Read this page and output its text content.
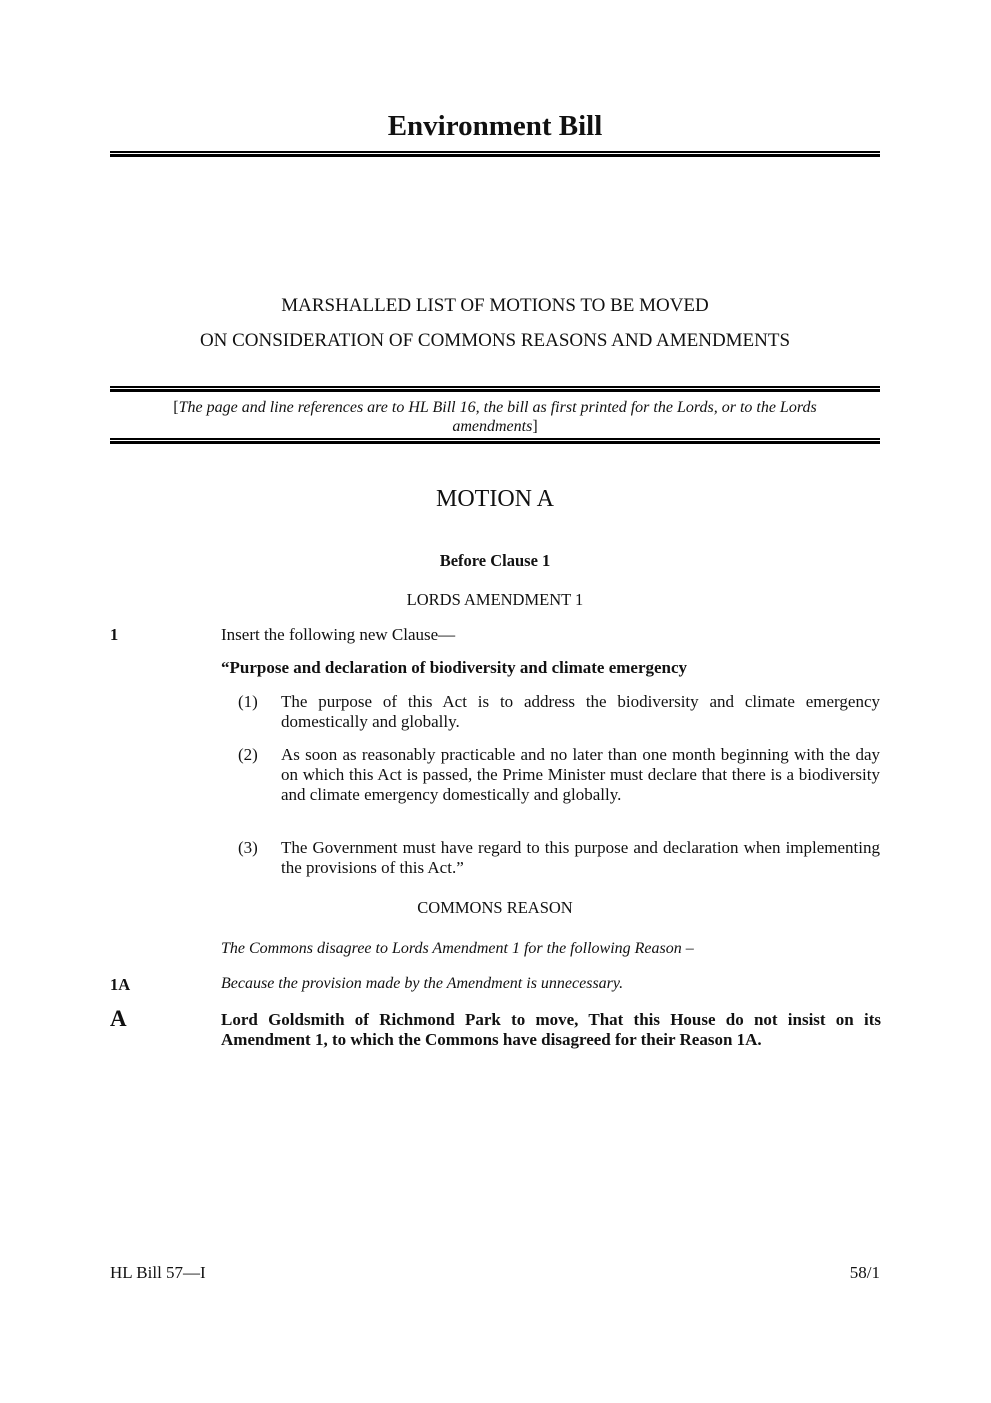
Environment Bill
MARSHALLED LIST OF MOTIONS TO BE MOVED
ON CONSIDERATION OF COMMONS REASONS AND AMENDMENTS
[The page and line references are to HL Bill 16, the bill as first printed for the Lords, or to the Lords
amendments]
MOTION A
Before Clause 1
LORDS AMENDMENT 1
1	Insert the following new Clause—
“Purpose and declaration of biodiversity and climate emergency
(1) The purpose of this Act is to address the biodiversity and climate emergency domestically and globally.
(2) As soon as reasonably practicable and no later than one month beginning with the day on which this Act is passed, the Prime Minister must declare that there is a biodiversity and climate emergency domestically and globally.
(3) The Government must have regard to this purpose and declaration when implementing the provisions of this Act.”
COMMONS REASON
The Commons disagree to Lords Amendment 1 for the following Reason –
1A	Because the provision made by the Amendment is unnecessary.
A	Lord Goldsmith of Richmond Park to move, That this House do not insist on its Amendment 1, to which the Commons have disagreed for their Reason 1A.
HL Bill 57—I	58/1
